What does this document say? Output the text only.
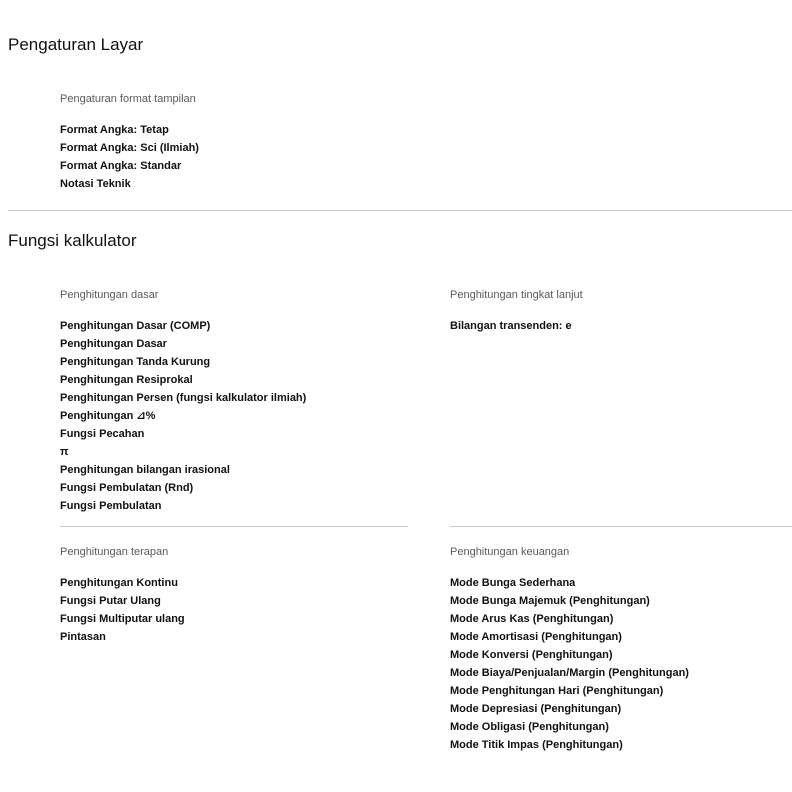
Pengaturan Layar

Pengaturan format tampilan

Format Angka: Tetap
Format Angka: Sci (Ilmiah)
Format Angka: Standar
Notasi Teknik
Fungsi kalkulator

Penghitungan dasar

Penghitungan Dasar (COMP)
Penghitungan Dasar
Penghitungan Tanda Kurung
Penghitungan Resiprokal
Penghitungan Persen (fungsi kalkulator ilmiah)
Penghitungan ⊿%
Fungsi Pecahan
π
Penghitungan bilangan irasional
Fungsi Pembulatan (Rnd)
Fungsi Pembulatan

Penghitungan tingkat lanjut

Bilangan transenden: e

Penghitungan terapan

Penghitungan Kontinu
Fungsi Putar Ulang
Fungsi Multiputar ulang
Pintasan

Penghitungan keuangan

Mode Bunga Sederhana
Mode Bunga Majemuk (Penghitungan)
Mode Arus Kas (Penghitungan)
Mode Amortisasi (Penghitungan)
Mode Konversi (Penghitungan)
Mode Biaya/Penjualan/Margin (Penghitungan)
Mode Penghitungan Hari (Penghitungan)
Mode Depresiasi (Penghitungan)
Mode Obligasi (Penghitungan)
Mode Titik Impas (Penghitungan)
